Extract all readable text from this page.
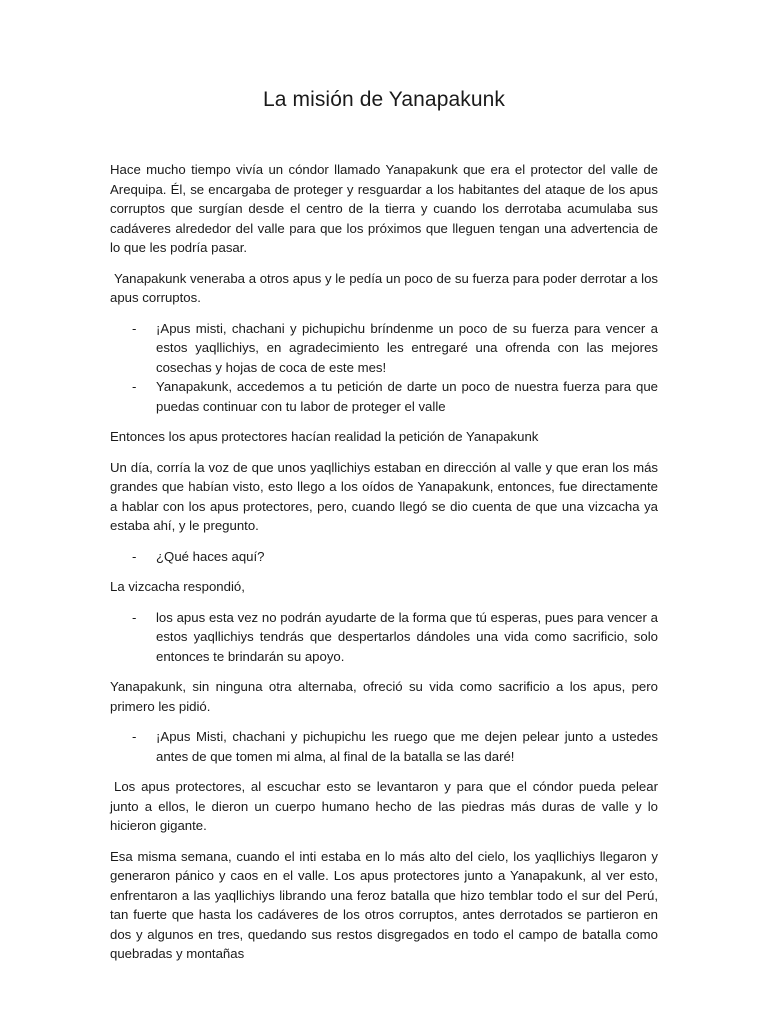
La misión de Yanapakunk

Hace mucho tiempo vivía un cóndor llamado Yanapakunk que era el protector del valle de Arequipa. Él, se encargaba de proteger y resguardar a los habitantes del ataque de los apus corruptos que surgían desde el centro de la tierra y cuando los derrotaba acumulaba sus cadáveres alrededor del valle para que los próximos que lleguen tengan una advertencia de lo que les podría pasar.

Yanapakunk veneraba a otros apus y le pedía un poco de su fuerza para poder derrotar a los apus corruptos.

- ¡Apus misti, chachani y pichupichu bríndenme un poco de su fuerza para vencer a estos yaqllichiys, en agradecimiento les entregaré una ofrenda con las mejores cosechas y hojas de coca de este mes!
- Yanapakunk, accedemos a tu petición de darte un poco de nuestra fuerza para que puedas continuar con tu labor de proteger el valle

Entonces los apus protectores hacían realidad la petición de Yanapakunk

Un día, corría la voz de que unos yaqllichiys estaban en dirección al valle y que eran los más grandes que habían visto, esto llego a los oídos de Yanapakunk, entonces, fue directamente a hablar con los apus protectores, pero, cuando llegó se dio cuenta de que una vizcacha ya estaba ahí, y le pregunto.

- ¿Qué haces aquí?

La vizcacha respondió,

- los apus esta vez no podrán ayudarte de la forma que tú esperas, pues para vencer a estos yaqllichiys tendrás que despertarlos dándoles una vida como sacrificio, solo entonces te brindarán su apoyo.

Yanapakunk, sin ninguna otra alternaba, ofreció su vida como sacrificio a los apus, pero primero les pidió.

- ¡Apus Misti, chachani y pichupichu les ruego que me dejen pelear junto a ustedes antes de que tomen mi alma, al final de la batalla se las daré!

Los apus protectores, al escuchar esto se levantaron y para que el cóndor pueda pelear junto a ellos, le dieron un cuerpo humano hecho de las piedras más duras de valle y lo hicieron gigante.

Esa misma semana, cuando el inti estaba en lo más alto del cielo, los yaqllichiys llegaron y generaron pánico y caos en el valle. Los apus protectores junto a Yanapakunk, al ver esto, enfrentaron a las yaqllichiys librando una feroz batalla que hizo temblar todo el sur del Perú, tan fuerte que hasta los cadáveres de los otros corruptos, antes derrotados se partieron en dos y algunos en tres, quedando sus restos disgregados en todo el campo de batalla como quebradas y montañas
